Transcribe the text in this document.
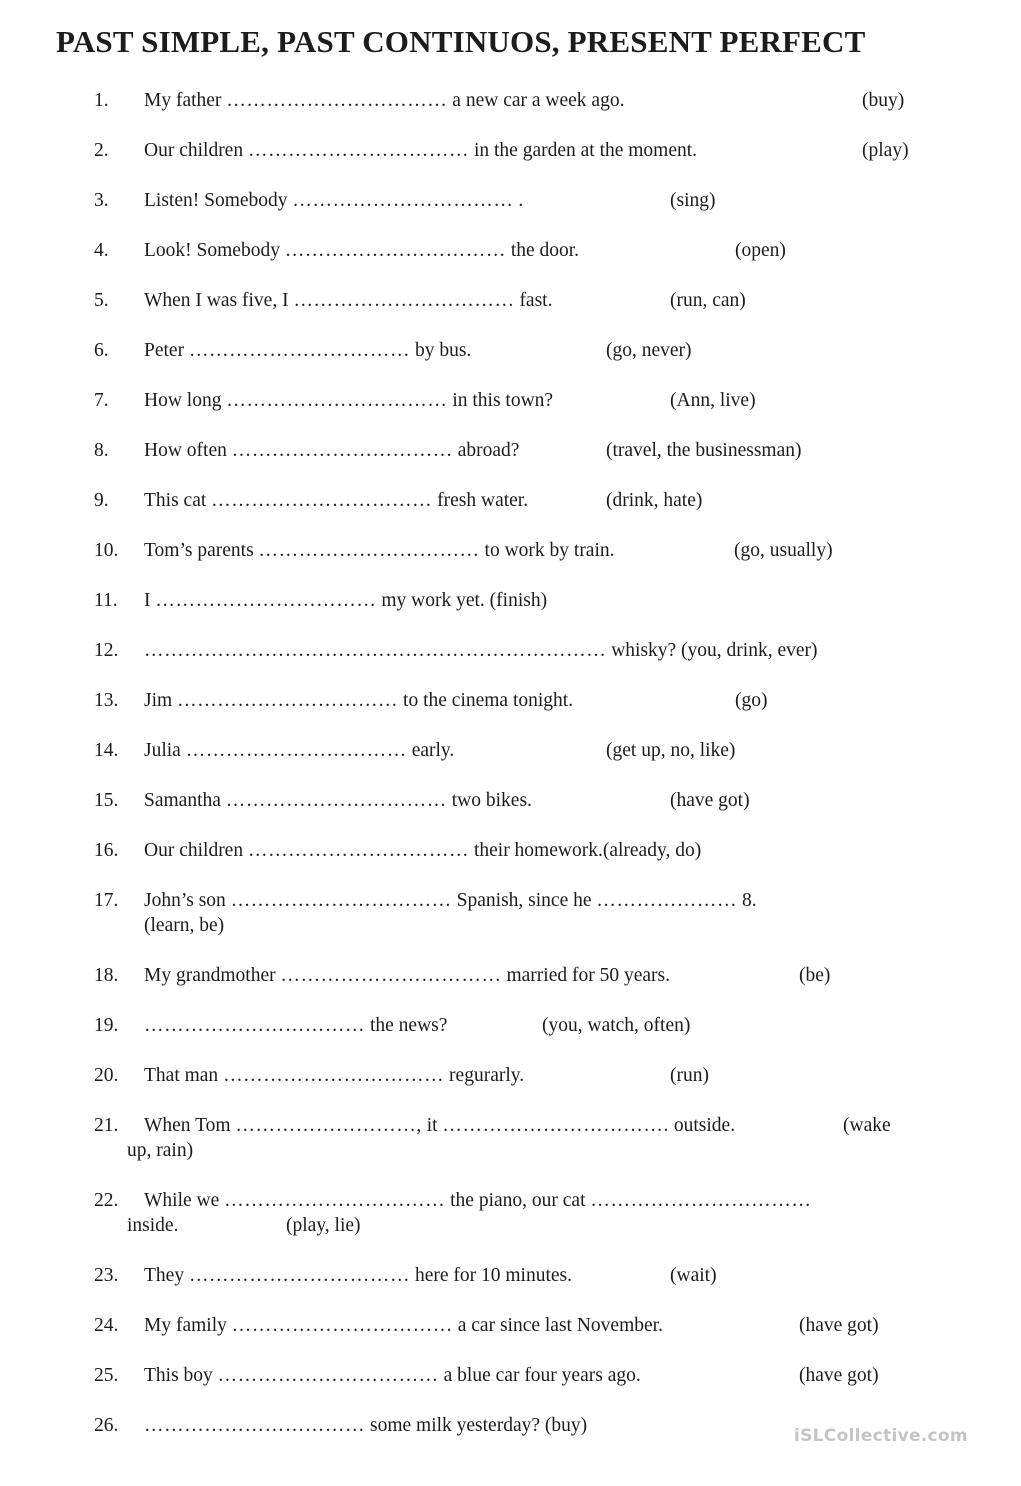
PAST SIMPLE, PAST CONTINUOS, PRESENT PERFECT
1. My father …………………………… a new car a week ago.	(buy)
2. Our children …………………………… in the garden at the moment.	(play)
3. Listen! Somebody …………………………… .	(sing)
4. Look! Somebody …………………………… the door.	(open)
5. When I was five, I …………………………… fast.	(run, can)
6. Peter …………………………… by bus.	(go, never)
7. How long …………………………… in this town?	(Ann, live)
8. How often …………………………… abroad?	(travel, the businessman)
9. This cat …………………………… fresh water.	(drink, hate)
10. Tom’s parents …………………………… to work by train.	(go, usually)
11. I …………………………… my work yet. (finish)
12. …………………………………………………………… whisky? (you, drink, ever)
13. Jim …………………………… to the cinema tonight.	(go)
14. Julia …………………………… early.	(get up, no, like)
15. Samantha …………………………… two bikes.	(have got)
16. Our children …………………………… their homework.(already, do)
17. John’s son …………………………… Spanish, since he ………………… 8.
(learn, be)
18. My grandmother …………………………… married for 50 years.	(be)
19. …………………………… the news?	(you, watch, often)
20. That man …………………………… regurarly.	(run)
21. When Tom ………………………, it ……………………………. outside.	(wake
up, rain)
22. While we …………………………… the piano, our cat ……………………………
inside.	(play, lie)
23. They …………………………… here for 10 minutes.	(wait)
24. My family …………………………… a car since last November.	(have got)
25. This boy …………………………… a blue car four years ago.	(have got)
26. …………………………… some milk yesterday? (buy)	iSLCollective.com
